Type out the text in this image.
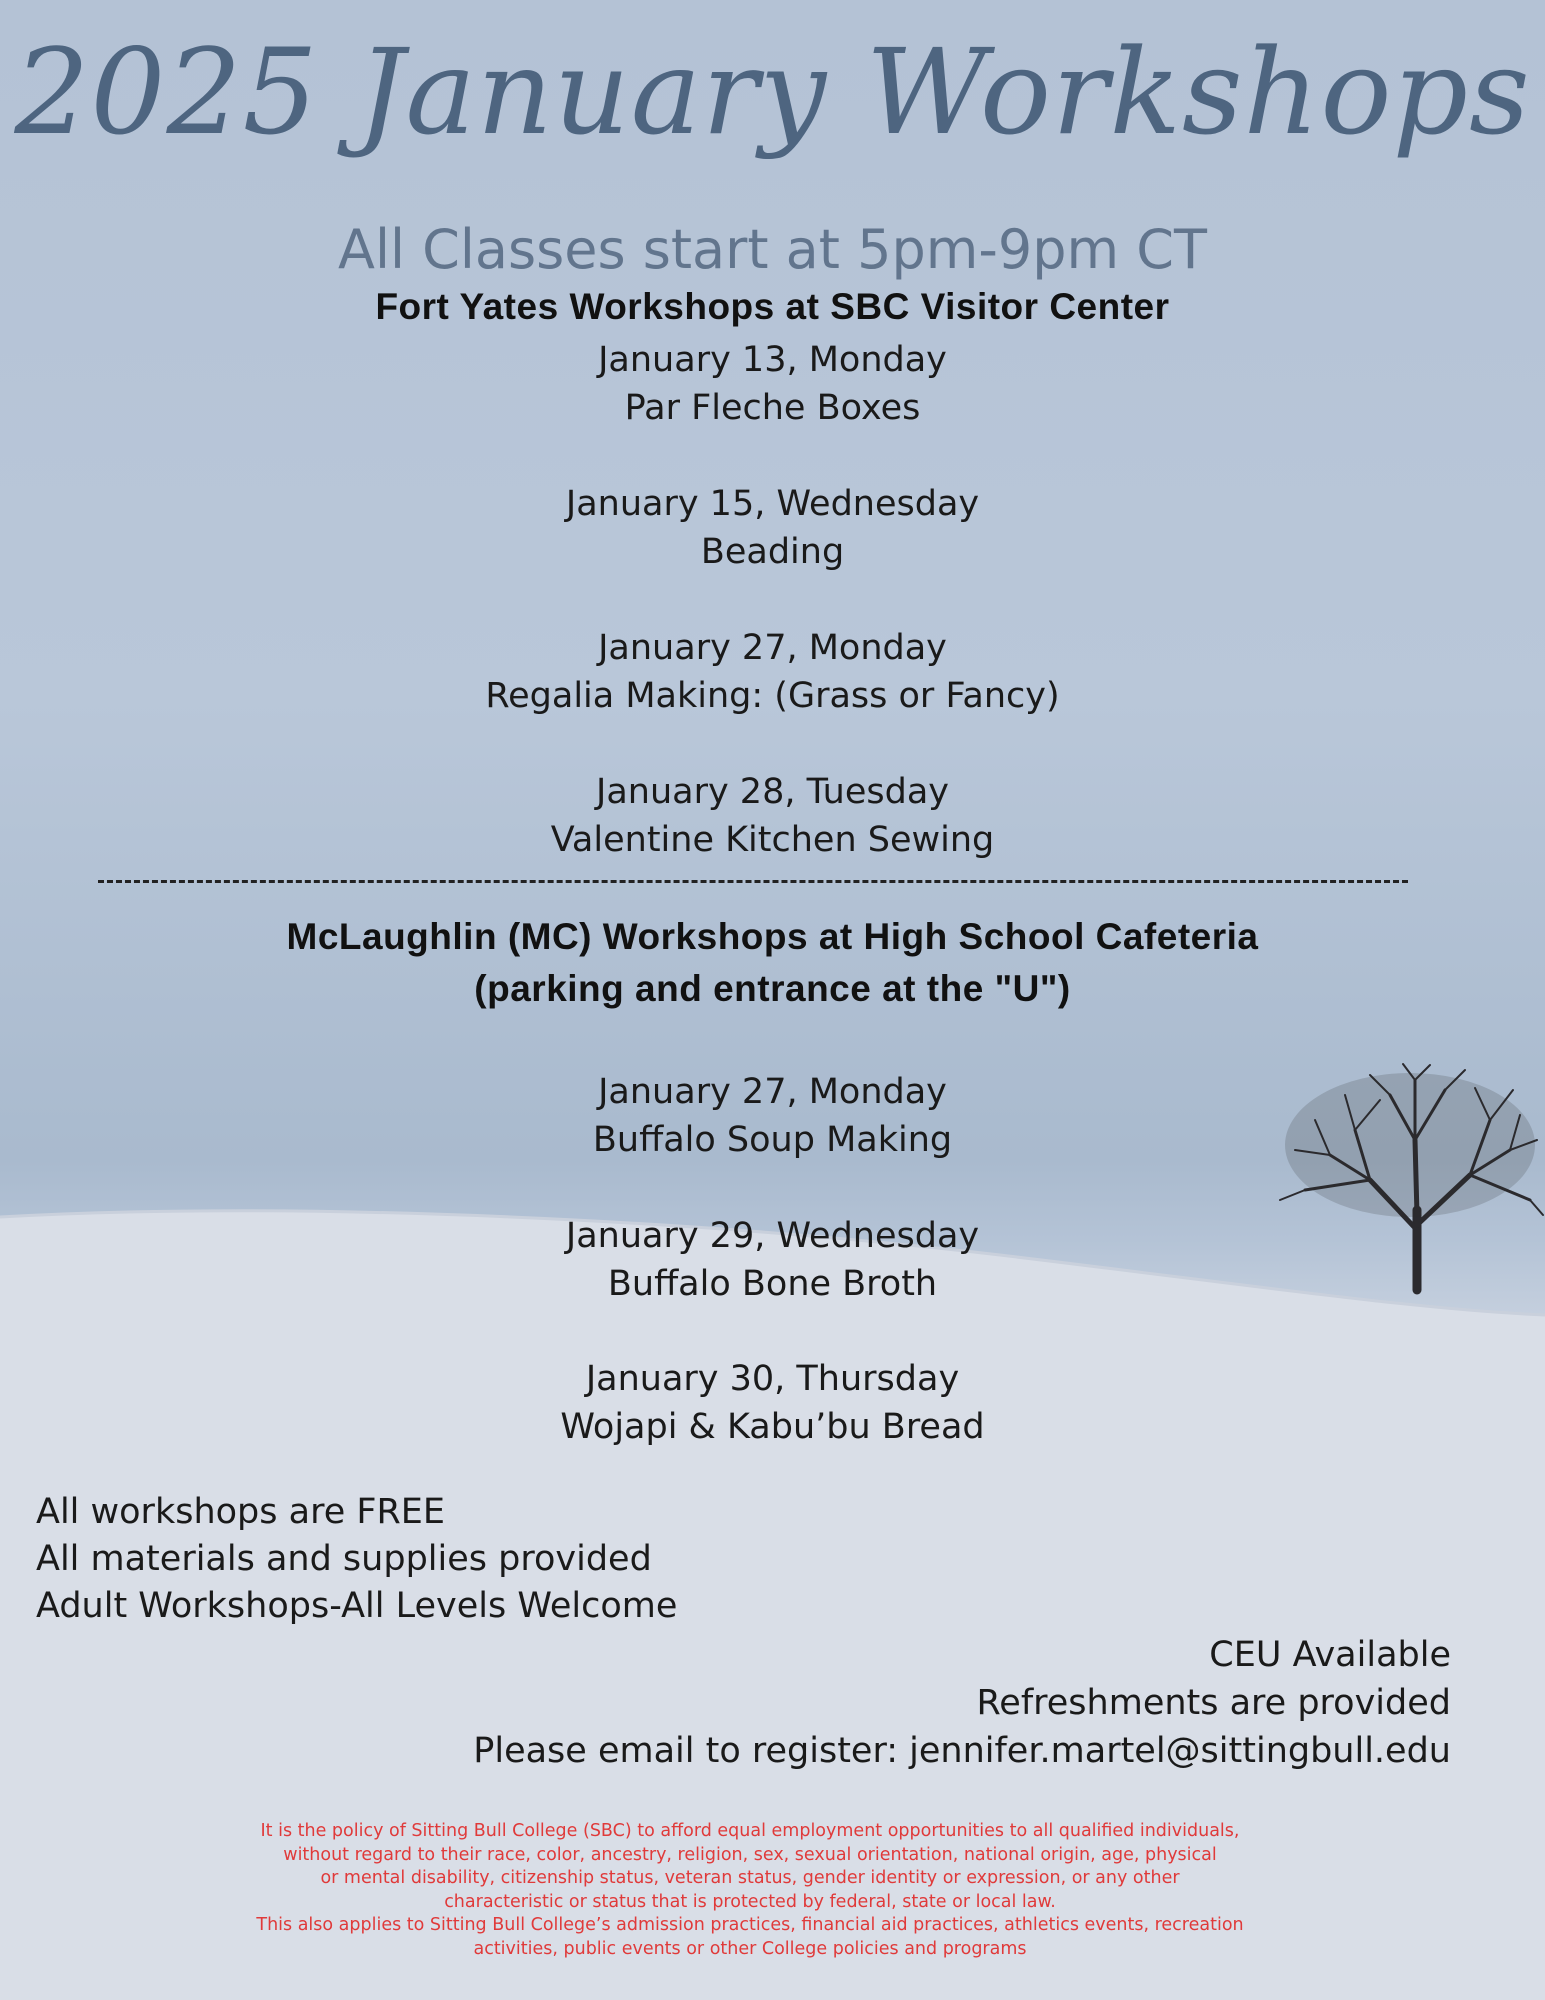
2025 January Workshops
All Classes start at 5pm-9pm CT
Fort Yates Workshops at SBC Visitor Center
January 13, Monday
Par Fleche Boxes
January 15, Wednesday
Beading
January 27, Monday
Regalia Making: (Grass or Fancy)
January 28, Tuesday
Valentine Kitchen Sewing
McLaughlin (MC) Workshops at High School Cafeteria
(parking and entrance at the "U")
January 27, Monday
Buffalo Soup Making
January 29, Wednesday
Buffalo Bone Broth
January 30, Thursday
Wojapi & Kabu’bu Bread
All workshops are FREE
All materials and supplies provided
Adult Workshops-All Levels Welcome
CEU Available
Refreshments are provided
Please email to register: jennifer.martel@sittingbull.edu
It is the policy of Sitting Bull College (SBC) to afford equal employment opportunities to all qualified individuals,
without regard to their race, color, ancestry, religion, sex, sexual orientation, national origin, age, physical
or mental disability, citizenship status, veteran status, gender identity or expression, or any other
characteristic or status that is protected by federal, state or local law.
This also applies to Sitting Bull College’s admission practices, financial aid practices, athletics events, recreation
activities, public events or other College policies and programs
